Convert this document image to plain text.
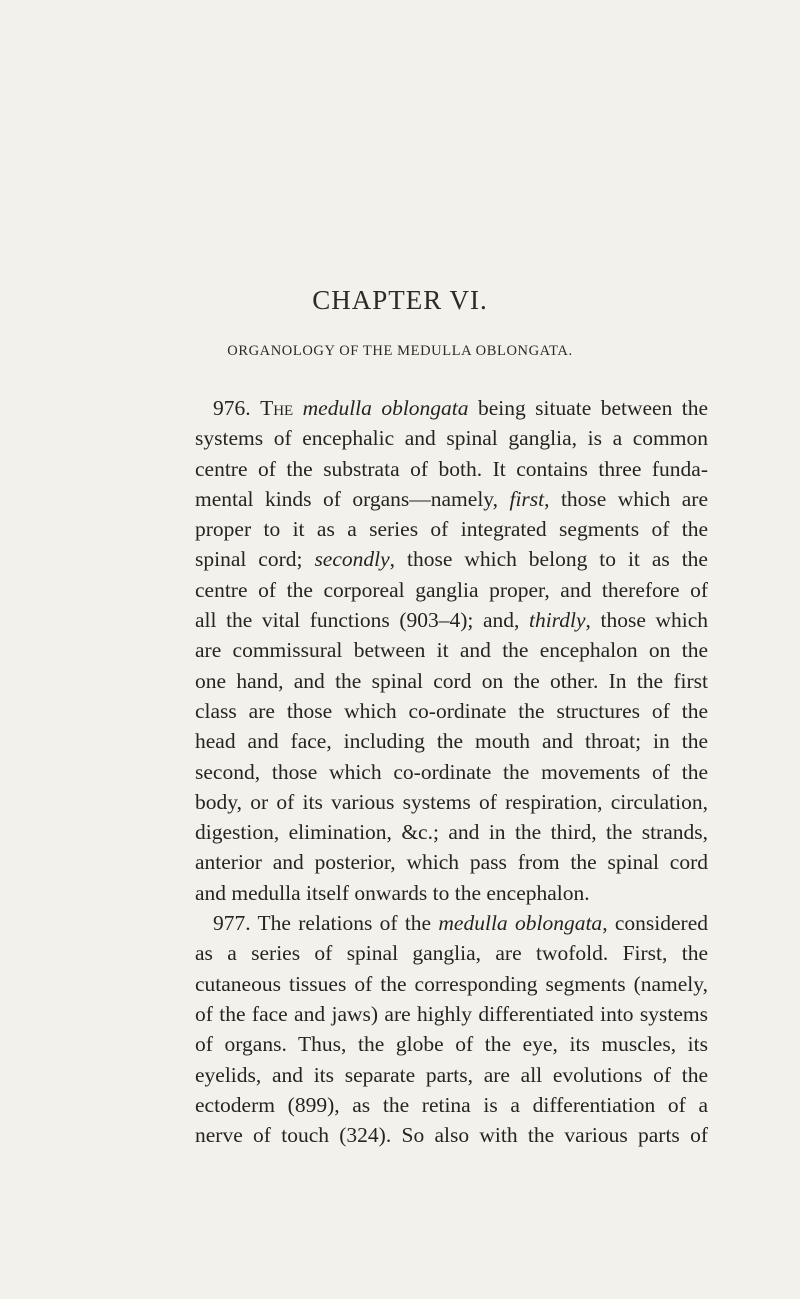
CHAPTER VI.
ORGANOLOGY OF THE MEDULLA OBLONGATA.
976. The medulla oblongata being situate between the
systems of encephalic and spinal ganglia, is a common
centre of the substrata of both. It contains three funda-
mental kinds of organs—namely, first, those which are
proper to it as a series of integrated segments of the
spinal cord; secondly, those which belong to it as the
centre of the corporeal ganglia proper, and therefore of
all the vital functions (903–4); and, thirdly, those which
are commissural between it and the encephalon on the
one hand, and the spinal cord on the other. In the first
class are those which co-ordinate the structures of the
head and face, including the mouth and throat; in the
second, those which co-ordinate the movements of the
body, or of its various systems of respiration, circulation,
digestion, elimination, &c.; and in the third, the strands,
anterior and posterior, which pass from the spinal cord
and medulla itself onwards to the encephalon.
977. The relations of the medulla oblongata, considered
as a series of spinal ganglia, are twofold. First, the
cutaneous tissues of the corresponding segments (namely,
of the face and jaws) are highly differentiated into systems
of organs. Thus, the globe of the eye, its muscles, its
eyelids, and its separate parts, are all evolutions of the
ectoderm (899), as the retina is a differentiation of a
nerve of touch (324). So also with the various parts of
